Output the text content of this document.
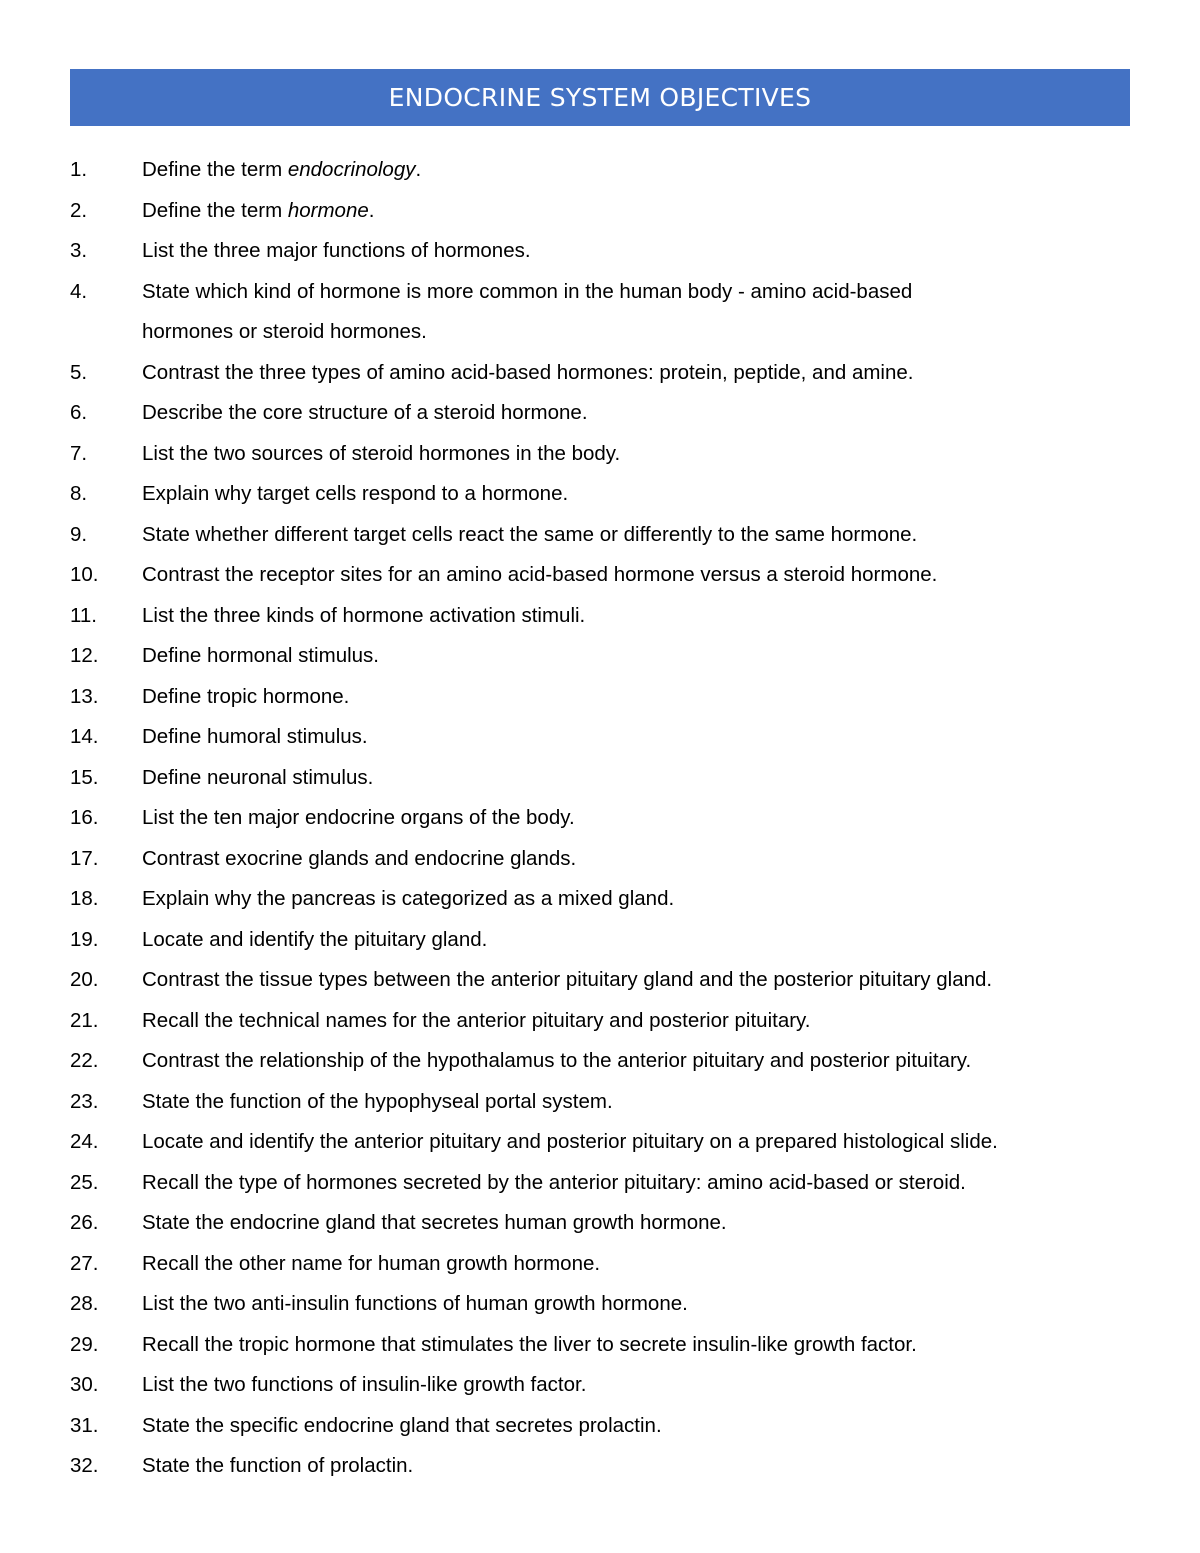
ENDOCRINE SYSTEM OBJECTIVES
1.	Define the term endocrinology.
2.	Define the term hormone.
3.	List the three major functions of hormones.
4.	State which kind of hormone is more common in the human body - amino acid-based
hormones or steroid hormones.
5.	Contrast the three types of amino acid-based hormones: protein, peptide, and amine.
6.	Describe the core structure of a steroid hormone.
7.	List the two sources of steroid hormones in the body.
8.	Explain why target cells respond to a hormone.
9.	State whether different target cells react the same or differently to the same hormone.
10. Contrast the receptor sites for an amino acid-based hormone versus a steroid hormone.
11. List the three kinds of hormone activation stimuli.
12. Define hormonal stimulus.
13. Define tropic hormone.
14. Define humoral stimulus.
15. Define neuronal stimulus.
16. List the ten major endocrine organs of the body.
17. Contrast exocrine glands and endocrine glands.
18. Explain why the pancreas is categorized as a mixed gland.
19. Locate and identify the pituitary gland.
20. Contrast the tissue types between the anterior pituitary gland and the posterior pituitary gland.
21. Recall the technical names for the anterior pituitary and posterior pituitary.
22. Contrast the relationship of the hypothalamus to the anterior pituitary and posterior pituitary.
23. State the function of the hypophyseal portal system.
24. Locate and identify the anterior pituitary and posterior pituitary on a prepared histological slide.
25. Recall the type of hormones secreted by the anterior pituitary: amino acid-based or steroid.
26. State the endocrine gland that secretes human growth hormone.
27. Recall the other name for human growth hormone.
28. List the two anti-insulin functions of human growth hormone.
29. Recall the tropic hormone that stimulates the liver to secrete insulin-like growth factor.
30. List the two functions of insulin-like growth factor.
31. State the specific endocrine gland that secretes prolactin.
32. State the function of prolactin.
